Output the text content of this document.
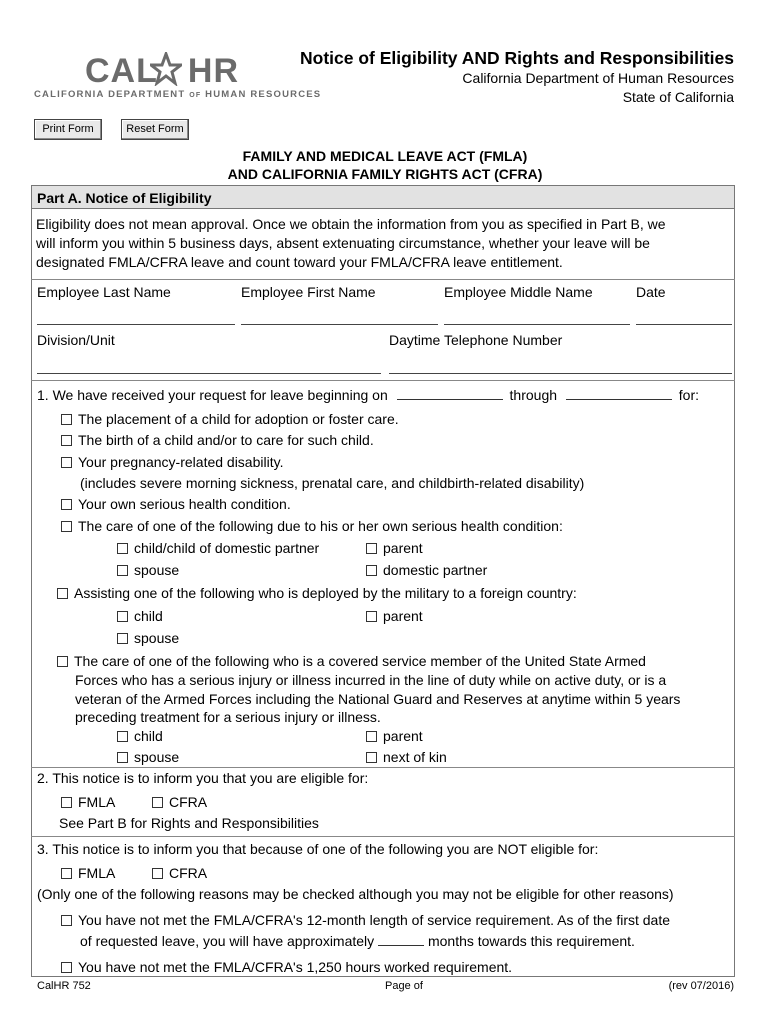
CAL HR
CALIFORNIA DEPARTMENT OF HUMAN RESOURCES
Notice of Eligibility AND Rights and Responsibilities
California Department of Human Resources
State of California
Print Form	Reset Form
FAMILY AND MEDICAL LEAVE ACT (FMLA)
AND CALIFORNIA FAMILY RIGHTS ACT (CFRA)
Part A. Notice of Eligibility
Eligibility does not mean approval. Once we obtain the information from you as specified in Part B, we
will inform you within 5 business days, absent extenuating circumstance, whether your leave will be
designated FMLA/CFRA leave and count toward your FMLA/CFRA leave entitlement.
Employee Last Name	Employee First Name	Employee Middle Name	Date
Division/Unit	Daytime Telephone Number
1. We have received your request for leave beginning on	through	for:
The placement of a child for adoption or foster care.
The birth of a child and/or to care for such child.
Your pregnancy-related disability.
(includes severe morning sickness, prenatal care, and childbirth-related disability)
Your own serious health condition.
The care of one of the following due to his or her own serious health condition:
child/child of domestic partner	parent
spouse	domestic partner
Assisting one of the following who is deployed by the military to a foreign country:
child	parent
spouse
The care of one of the following who is a covered service member of the United State Armed
Forces who has a serious injury or illness incurred in the line of duty while on active duty, or is a
veteran of the Armed Forces including the National Guard and Reserves at anytime within 5 years
preceding treatment for a serious injury or illness.
child	parent
spouse	next of kin
2. This notice is to inform you that you are eligible for:
FMLA	CFRA
See Part B for Rights and Responsibilities
3. This notice is to inform you that because of one of the following you are NOT eligible for:
FMLA	CFRA
(Only one of the following reasons may be checked although you may not be eligible for other reasons)
You have not met the FMLA/CFRA's 12-month length of service requirement. As of the first date
of requested leave, you will have approximately	months towards this requirement.
You have not met the FMLA/CFRA's 1,250 hours worked requirement.
CalHR 752	Page of	(rev 07/2016)
